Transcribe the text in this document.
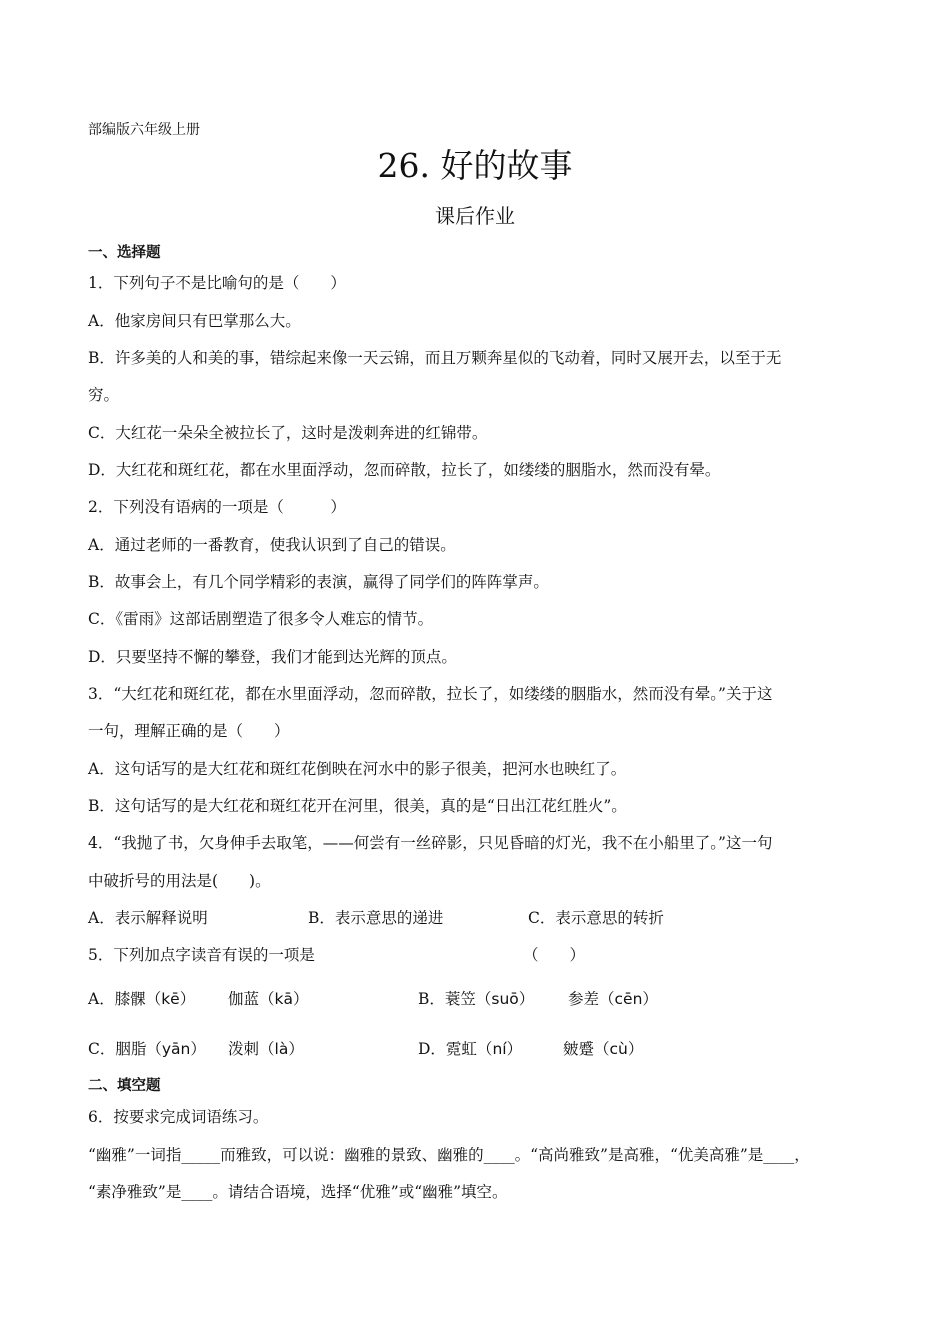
部编版六年级上册
26. 好的故事
课后作业
一、选择题
1．下列句子不是比喻句的是（　　）
A．他家房间只有巴掌那么大。
B．许多美的人和美的事，错综起来像一天云锦，而且万颗奔星似的飞动着，同时又展开去，以至于无
穷。
C．大红花一朵朵全被拉长了，这时是泼刺奔进的红锦带。
D．大红花和斑红花，都在水里面浮动，忽而碎散，拉长了，如缕缕的胭脂水，然而没有晕。
2．下列没有语病的一项是（　　　）
A．通过老师的一番教育，使我认识到了自己的错误。
B．故事会上，有几个同学精彩的表演，赢得了同学们的阵阵掌声。
C．《雷雨》这部话剧塑造了很多令人难忘的情节。
D．只要坚持不懈的攀登，我们才能到达光辉的顶点。
3．“大红花和斑红花，都在水里面浮动，忽而碎散，拉长了，如缕缕的胭脂水，然而没有晕。”关于这
一句，理解正确的是（　　）
A．这句话写的是大红花和斑红花倒映在河水中的影子很美，把河水也映红了。
B．这句话写的是大红花和斑红花开在河里，很美，真的是“日出江花红胜火”。
4．“我抛了书，欠身伸手去取笔，——何尝有一丝碎影，只见昏暗的灯光，我不在小船里了。”这一句
中破折号的用法是(　　)。
A．表示解释说明	B．表示意思的递进	C．表示意思的转折
5．下列加点字读音有误的一项是	（　　）
A．膝髁（kē） 伽蓝（kā）	B．蓑笠（suō） 参差（cēn）
C．胭脂（yān） 泼刺（là）	D．霓虹（ní）	皴蹙（cù）
二、填空题
6．按要求完成词语练习。
“幽雅”一词指_____而雅致，可以说：幽雅的景致、幽雅的____。“高尚雅致”是高雅，“优美高雅”是____，
“素净雅致”是____。请结合语境，选择“优雅”或“幽雅”填空。
